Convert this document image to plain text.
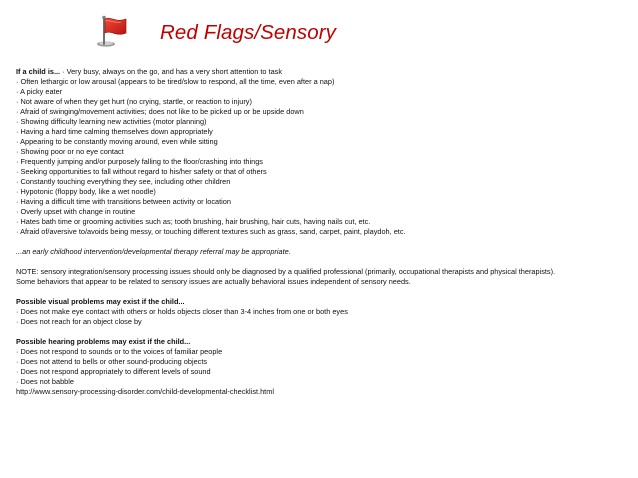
Red Flags/Sensory
If a child is... · Very busy, always on the go, and has a very short attention to task
· Often lethargic or low arousal (appears to be tired/slow to respond, all the time, even after a nap)
· A picky eater
· Not aware of when they get hurt (no crying, startle, or reaction to injury)
· Afraid of swinging/movement activities; does not like to be picked up or be upside down
· Showing difficulty learning new activities (motor planning)
· Having a hard time calming themselves down appropriately
· Appearing to be constantly moving around, even while sitting
· Showing poor or no eye contact
· Frequently jumping and/or purposely falling to the floor/crashing into things
· Seeking opportunities to fall without regard to his/her safety or that of others
· Constantly touching everything they see, including other children
· Hypotonic (floppy body, like a wet noodle)
· Having a difficult time with transitions between activity or location
· Overly upset with change in routine
· Hates bath time or grooming activities such as; tooth brushing, hair brushing, hair cuts, having nails cut, etc.
· Afraid of/aversive to/avoids being messy, or touching different textures such as grass, sand, carpet, paint, playdoh, etc.
...an early childhood intervention/developmental therapy referral may be appropriate.
NOTE: sensory integration/sensory processing issues should only be diagnosed by a qualified professional (primarily, occupational therapists and physical therapists).
Some behaviors that appear to be related to sensory issues are actually behavioral issues independent of sensory needs.
Possible visual problems may exist if the child...
· Does not make eye contact with others or holds objects closer than 3-4 inches from one or both eyes
· Does not reach for an object close by
Possible hearing problems may exist if the child...
· Does not respond to sounds or to the voices of familiar people
· Does not attend to bells or other sound-producing objects
· Does not respond appropriately to different levels of sound
· Does not babble
http://www.sensory-processing-disorder.com/child-developmental-checklist.html
